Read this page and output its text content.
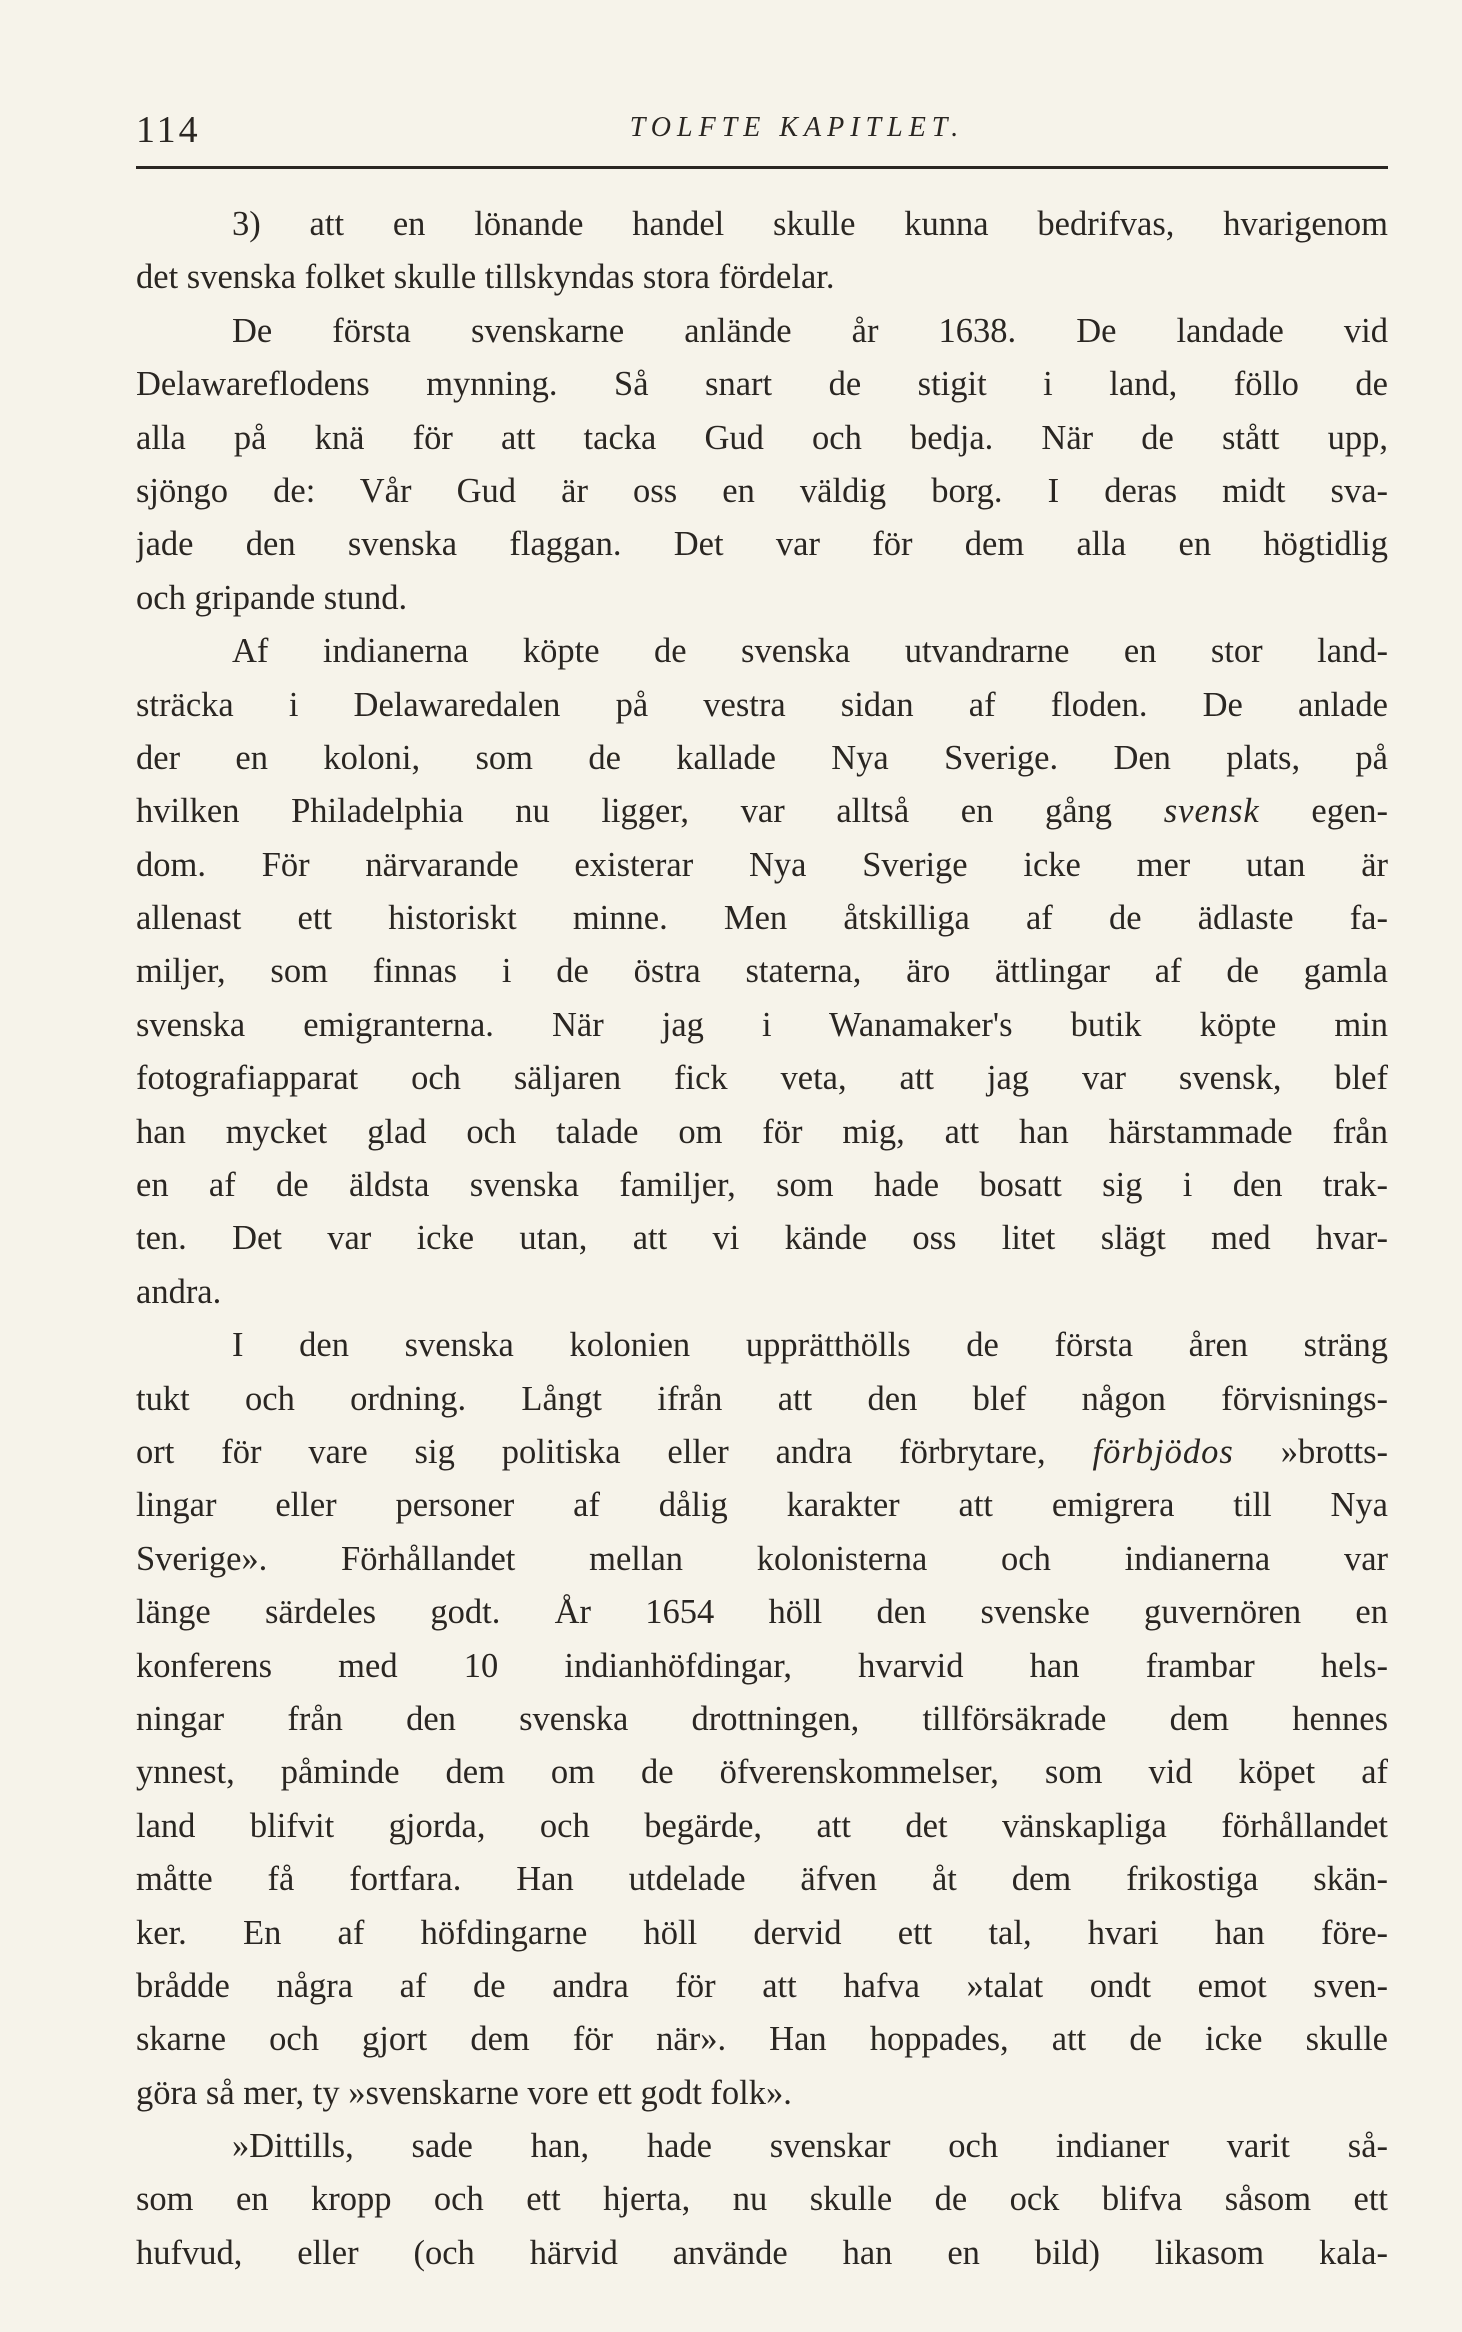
114	TOLFTE KAPITLET.
3) att en lönande handel skulle kunna bedrifvas, hvarigenom
det svenska folket skulle tillskyndas stora fördelar.
De första svenskarne anlände år 1638. De landade vid
Delawareflodens mynning. Så snart de stigit i land, föllo de
alla på knä för att tacka Gud och bedja. När de stått upp,
sjöngo de: Vår Gud är oss en väldig borg. I deras midt sva-
jade den svenska flaggan. Det var för dem alla en högtidlig
och gripande stund.
Af indianerna köpte de svenska utvandrarne en stor land-
sträcka i Delawaredalen på vestra sidan af floden. De anlade
der en koloni, som de kallade Nya Sverige. Den plats, på
hvilken Philadelphia nu ligger, var alltså en gång svensk egen-
dom. För närvarande existerar Nya Sverige icke mer utan är
allenast ett historiskt minne. Men åtskilliga af de ädlaste fa-
miljer, som finnas i de östra staterna, äro ättlingar af de gamla
svenska emigranterna. När jag i Wanamaker's butik köpte min
fotografiapparat och säljaren fick veta, att jag var svensk, blef
han mycket glad och talade om för mig, att han härstammade från
en af de äldsta svenska familjer, som hade bosatt sig i den trak-
ten. Det var icke utan, att vi kände oss litet slägt med hvar-
andra.
I den svenska kolonien upprätthölls de första åren sträng
tukt och ordning. Långt ifrån att den blef någon förvisnings-
ort för vare sig politiska eller andra förbrytare, förbjödos »brotts-
lingar eller personer af dålig karakter att emigrera till Nya
Sverige». Förhållandet mellan kolonisterna och indianerna var
länge särdeles godt. År 1654 höll den svenske guvernören en
konferens med 10 indianhöfdingar, hvarvid han frambar hels-
ningar från den svenska drottningen, tillförsäkrade dem hennes
ynnest, påminde dem om de öfverenskommelser, som vid köpet af
land blifvit gjorda, och begärde, att det vänskapliga förhållandet
måtte få fortfara. Han utdelade äfven åt dem frikostiga skän-
ker. En af höfdingarne höll dervid ett tal, hvari han före-
brådde några af de andra för att hafva »talat ondt emot sven-
skarne och gjort dem för när». Han hoppades, att de icke skulle
göra så mer, ty »svenskarne vore ett godt folk».
»Dittills, sade han, hade svenskar och indianer varit så-
som en kropp och ett hjerta, nu skulle de ock blifva såsom ett
hufvud, eller (och härvid använde han en bild) likasom kala-
